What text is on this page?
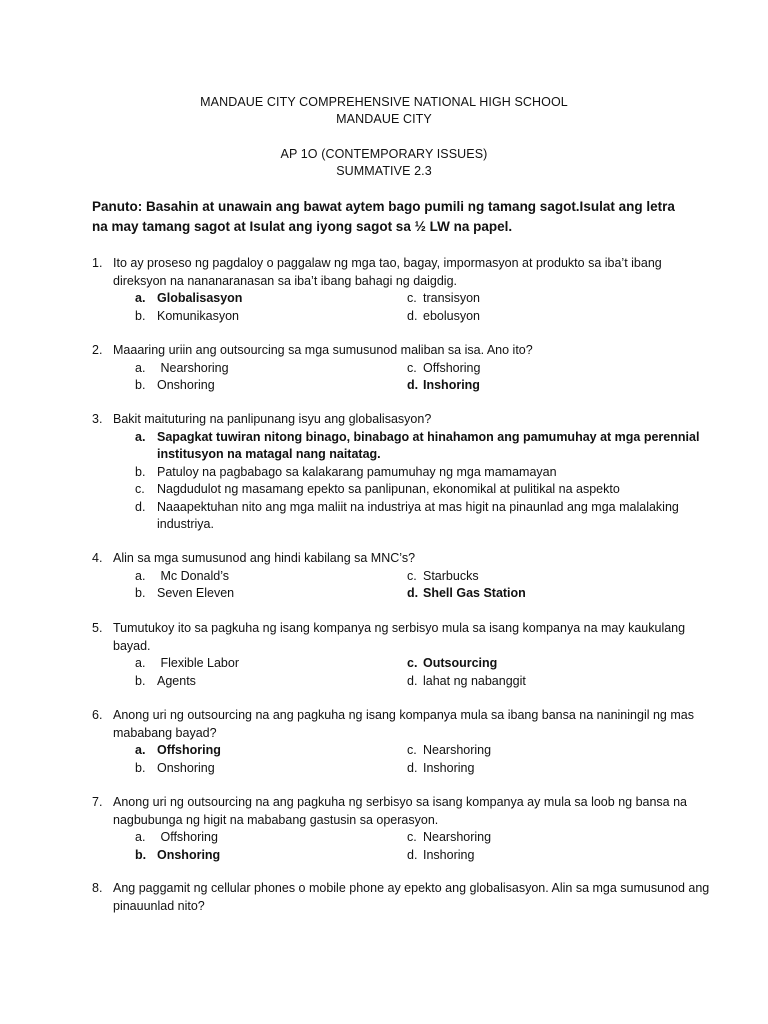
MANDAUE CITY COMPREHENSIVE NATIONAL HIGH SCHOOL
MANDAUE CITY
AP 1O (CONTEMPORARY ISSUES)
SUMMATIVE 2.3
Panuto: Basahin at unawain ang bawat aytem bago pumili ng tamang sagot.Isulat ang letra na may tamang sagot at Isulat ang iyong sagot sa ½ LW na papel.
1. Ito ay proseso ng pagdaloy o paggalaw ng mga tao, bagay, impormasyon at produkto sa iba’t ibang direksyon na nananaranasan sa iba’t ibang bahagi ng daigdig.
a. Globalisasyon	c. transisyon
b. Komunikasyon	d. ebolusyon
2. Maaaring uriin ang outsourcing sa mga sumusunod maliban sa isa. Ano ito?
a. Nearshoring	c. Offshoring
b. Onshoring	d. Inshoring
3. Bakit maituturing na panlipunang isyu ang globalisasyon?
a. Sapagkat tuwiran nitong binago, binabago at hinahamon ang pamumuhay at mga perennial institusyon na matagal nang naitatag.
b. Patuloy na pagbabago sa kalakarang pamumuhay ng mga mamamayan
c. Nagdudulot ng masamang epekto sa panlipunan, ekonomikal at pulitikal na aspekto
d. Naaapektuhan nito ang mga maliit na industriya at mas higit na pinaunlad ang mga malalaking industriya.
4. Alin sa mga sumusunod ang hindi kabilang sa MNC’s?
a. Mc Donald’s	c. Starbucks
b. Seven Eleven	d. Shell Gas Station
5. Tumutukoy ito sa pagkuha ng isang kompanya ng serbisyo mula sa isang kompanya na may kaukulang bayad.
a. Flexible Labor	c. Outsourcing
b. Agents	d. lahat ng nabanggit
6. Anong uri ng outsourcing na ang pagkuha ng isang kompanya mula sa ibang bansa na naniningil ng mas mababang bayad?
a. Offshoring	c. Nearshoring
b. Onshoring	d. Inshoring
7. Anong uri ng outsourcing na ang pagkuha ng serbisyo sa isang kompanya ay mula sa loob ng bansa na nagbubunga ng higit na mababang gastusin sa operasyon.
a. Offshoring	c. Nearshoring
b. Onshoring	d. Inshoring
8. Ang paggamit ng cellular phones o mobile phone ay epekto ang globalisasyon. Alin sa mga sumusunod ang pinauunlad nito?
